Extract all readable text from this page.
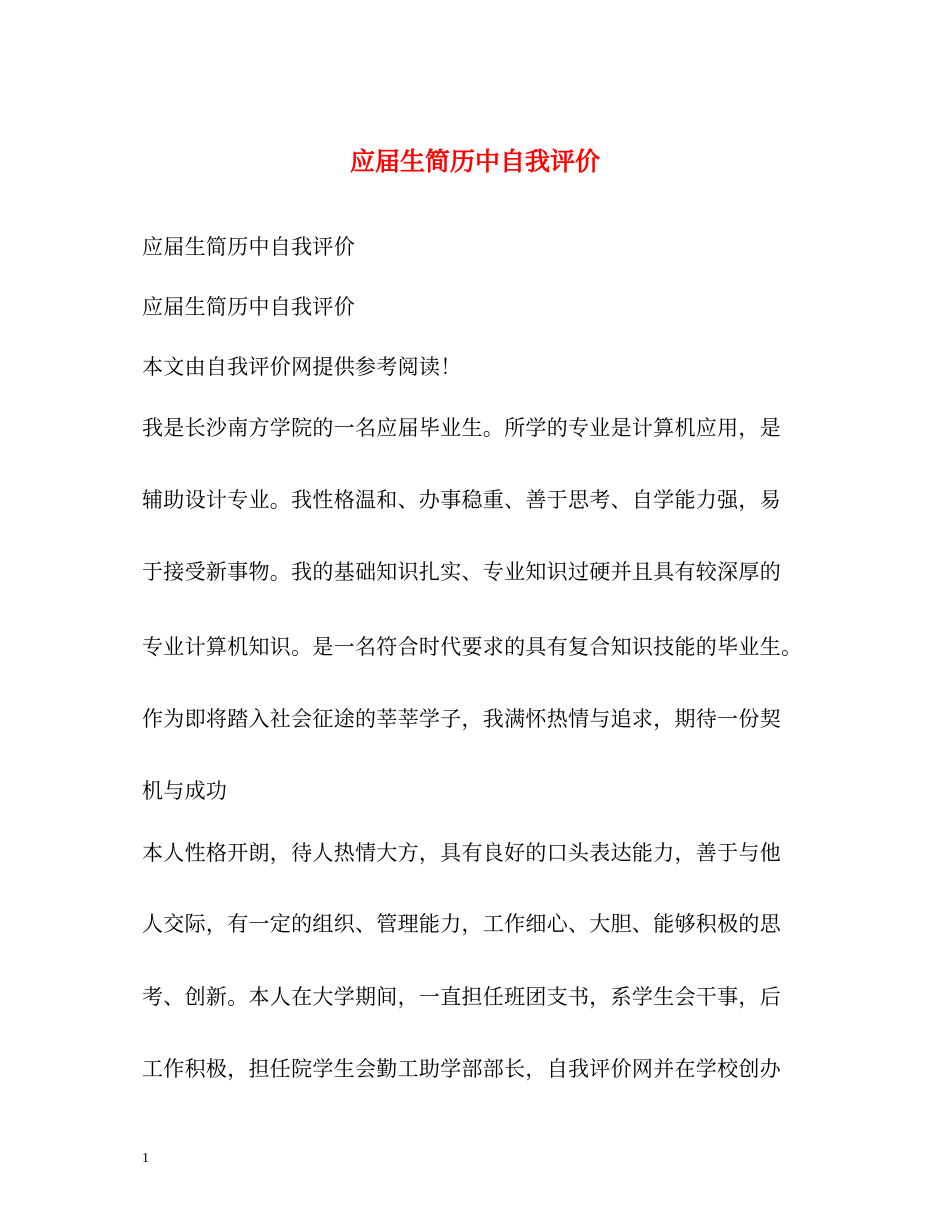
应届生简历中自我评价
应届生简历中自我评价
应届生简历中自我评价
本文由自我评价网提供参考阅读！
我是长沙南方学院的一名应届毕业生。所学的专业是计算机应用，是
辅助设计专业。我性格温和、办事稳重、善于思考、自学能力强，易
于接受新事物。我的基础知识扎实、专业知识过硬并且具有较深厚的
专业计算机知识。是一名符合时代要求的具有复合知识技能的毕业生。
作为即将踏入社会征途的莘莘学子，我满怀热情与追求，期待一份契
机与成功
本人性格开朗，待人热情大方，具有良好的口头表达能力，善于与他
人交际，有一定的组织、管理能力，工作细心、大胆、能够积极的思
考、创新。本人在大学期间，一直担任班团支书，系学生会干事，后
工作积极，担任院学生会勤工助学部部长，自我评价网并在学校创办
1
